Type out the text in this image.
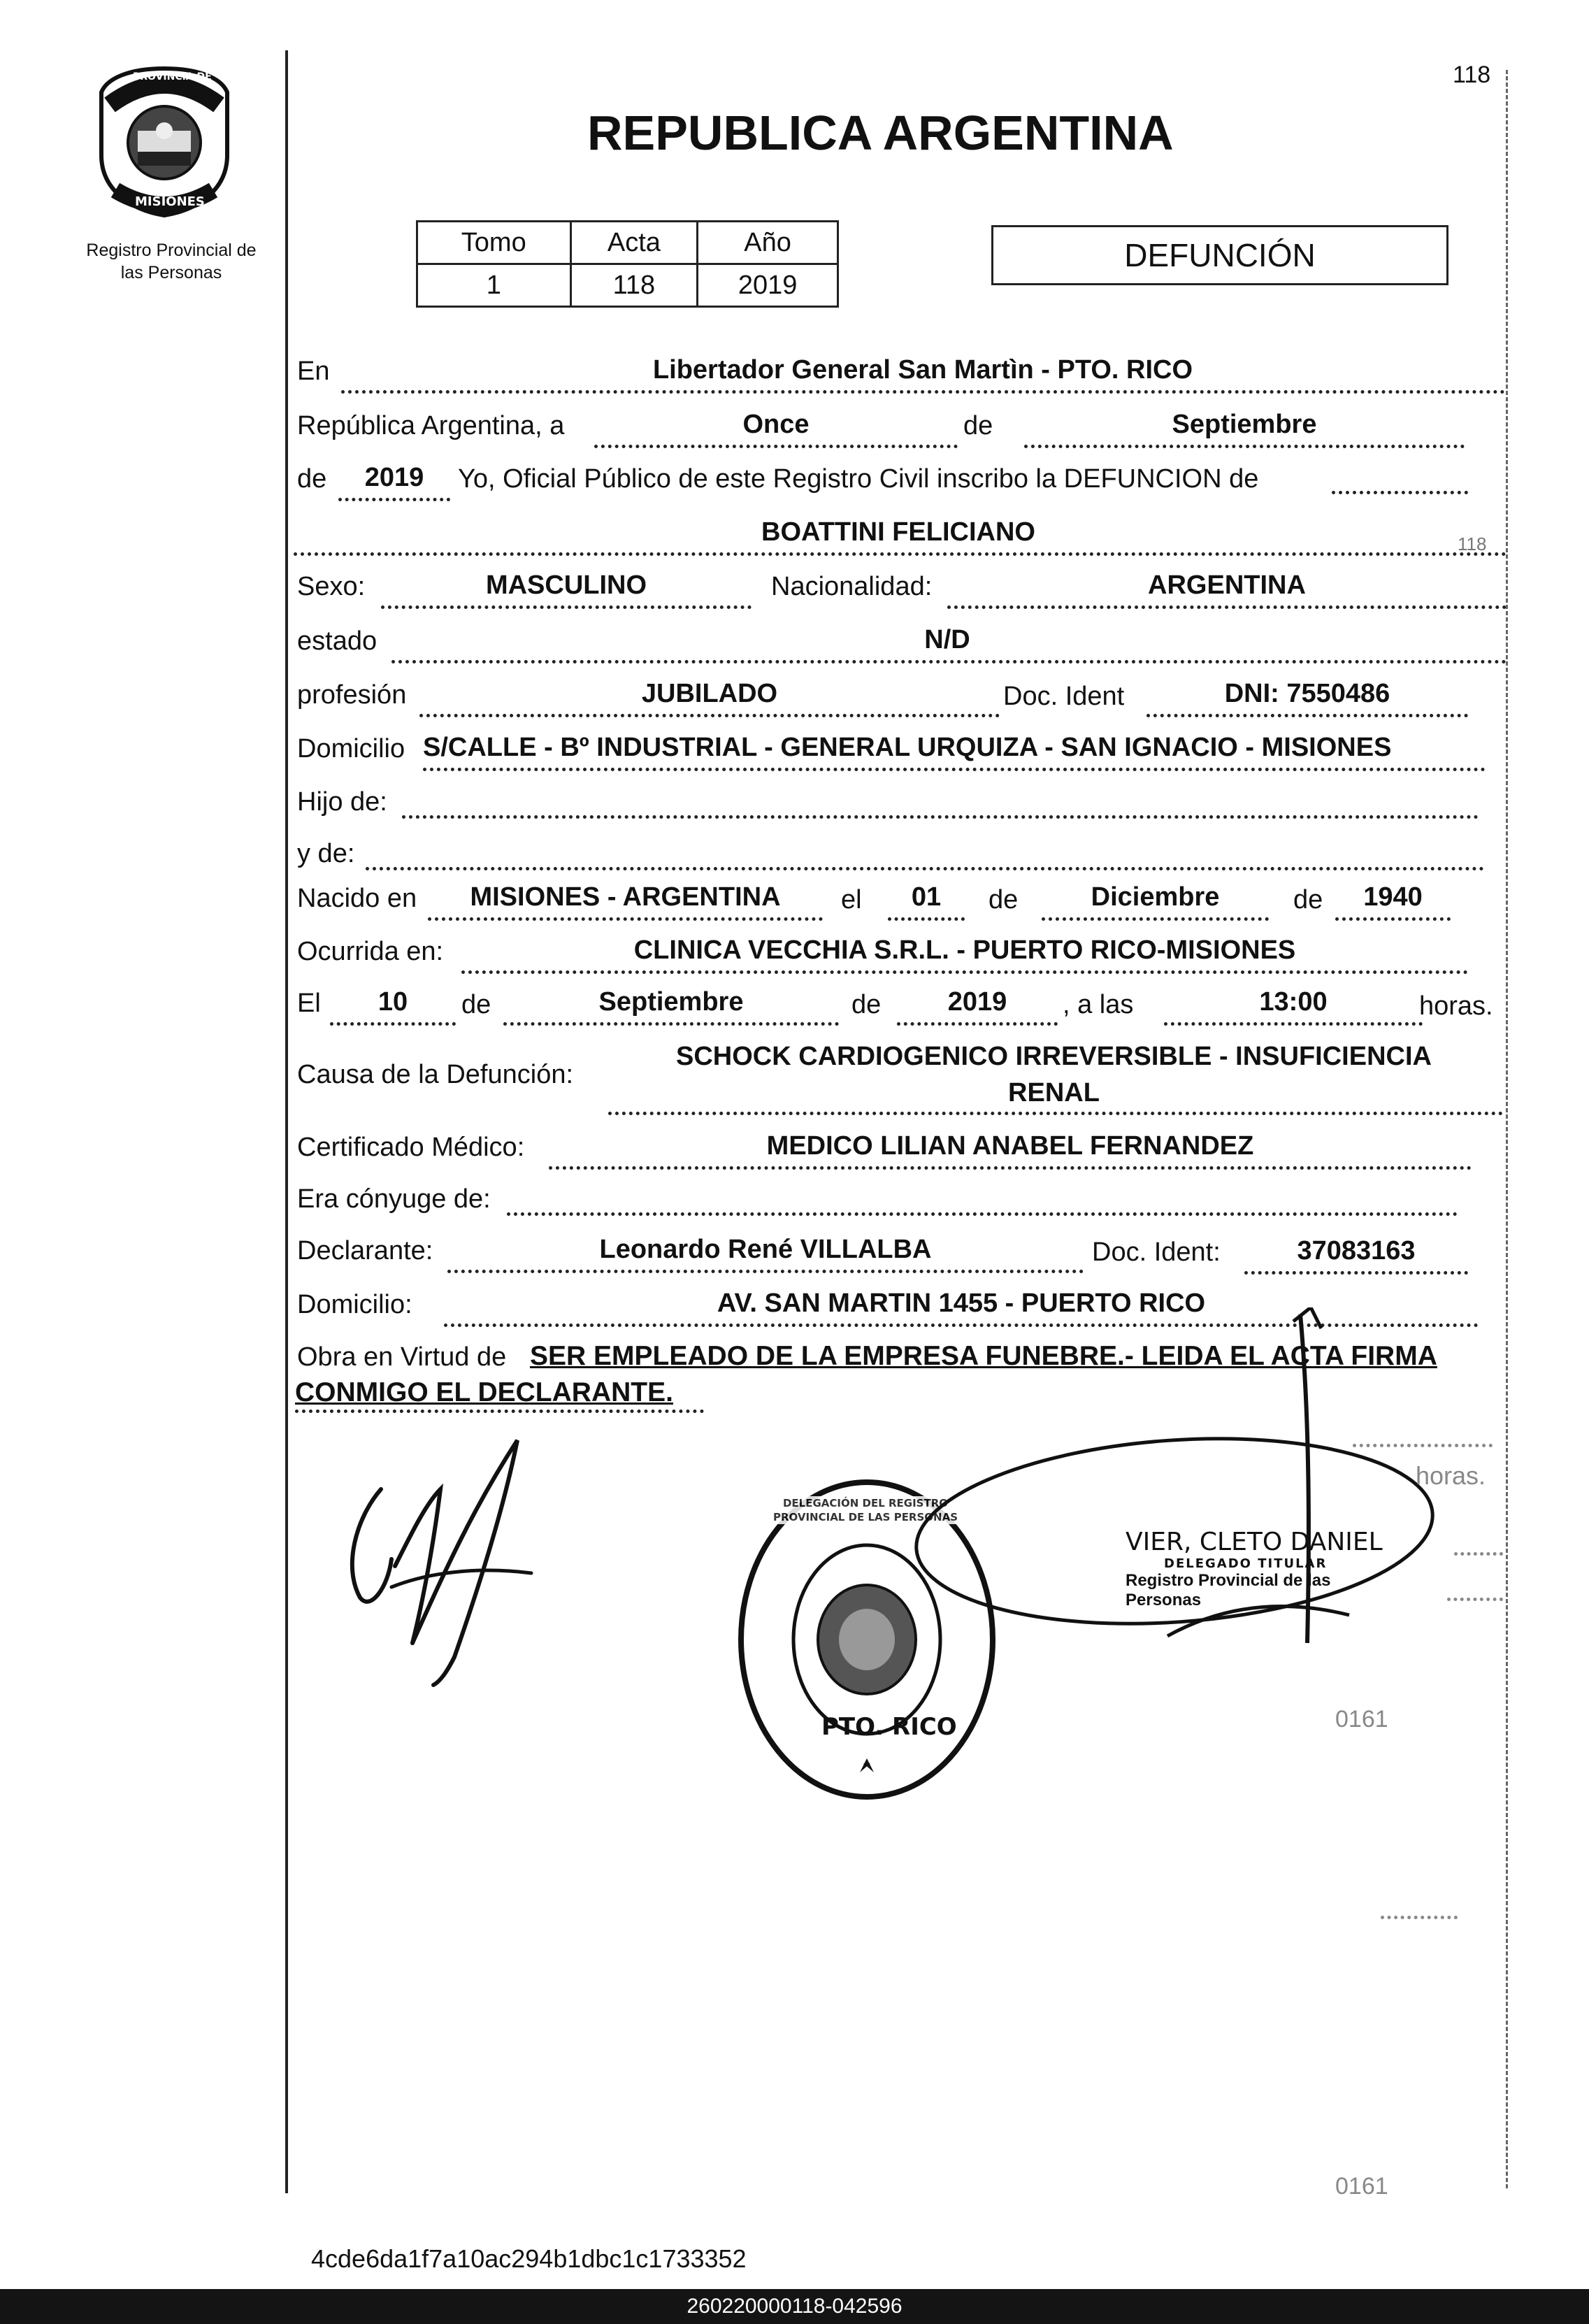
PROVINCIA DE
MISIONES
Registro Provincial de
las Personas
118
REPUBLICA ARGENTINA
Tomo	Acta	Año
1	118	2019
DEFUNCIÓN
En	Libertador General San Martìn - PTO. RICO
República Argentina, a	Once	de	Septiembre
de	2019	Yo, Oficial Público de este Registro Civil inscribo la DEFUNCION de
BOATTINI FELICIANO	118
Sexo:	MASCULINO	Nacionalidad:	ARGENTINA
estado	N/D
profesión	JUBILADO	Doc. Ident	DNI: 7550486
Domicilio S/CALLE - Bº INDUSTRIAL - GENERAL URQUIZA - SAN IGNACIO - MISIONES
Hijo de:
y de:
Nacido en	MISIONES - ARGENTINA	el	01	de	Diciembre	de	1940
Ocurrida en:	CLINICA VECCHIA S.R.L. - PUERTO RICO-MISIONES
El	10	de	Septiembre	de	2019	, a las	13:00	horas.
Causa de la Defunción:
SCHOCK CARDIOGENICO IRREVERSIBLE - INSUFICIENCIA
RENAL
Certificado Médico:	MEDICO LILIAN ANABEL FERNANDEZ
Era cónyuge de:
Declarante:	Leonardo René VILLALBA	Doc. Ident:	37083163
Domicilio:	AV. SAN MARTIN 1455 - PUERTO RICO
Obra en Virtud de SER EMPLEADO DE LA EMPRESA FUNEBRE.- LEIDA EL ACTA FIRMA
CONMIGO EL DECLARANTE.
DELEGACIÓN DEL REGISTRO PROVINCIAL DE LAS PERSONAS
PTO. RICO
VIER, CLETO DANIEL
DELEGADO TITULAR
Registro Provincial de las Personas
horas.
0161
0161
4cde6da1f7a10ac294b1dbc1c1733352
260220000118-042596
